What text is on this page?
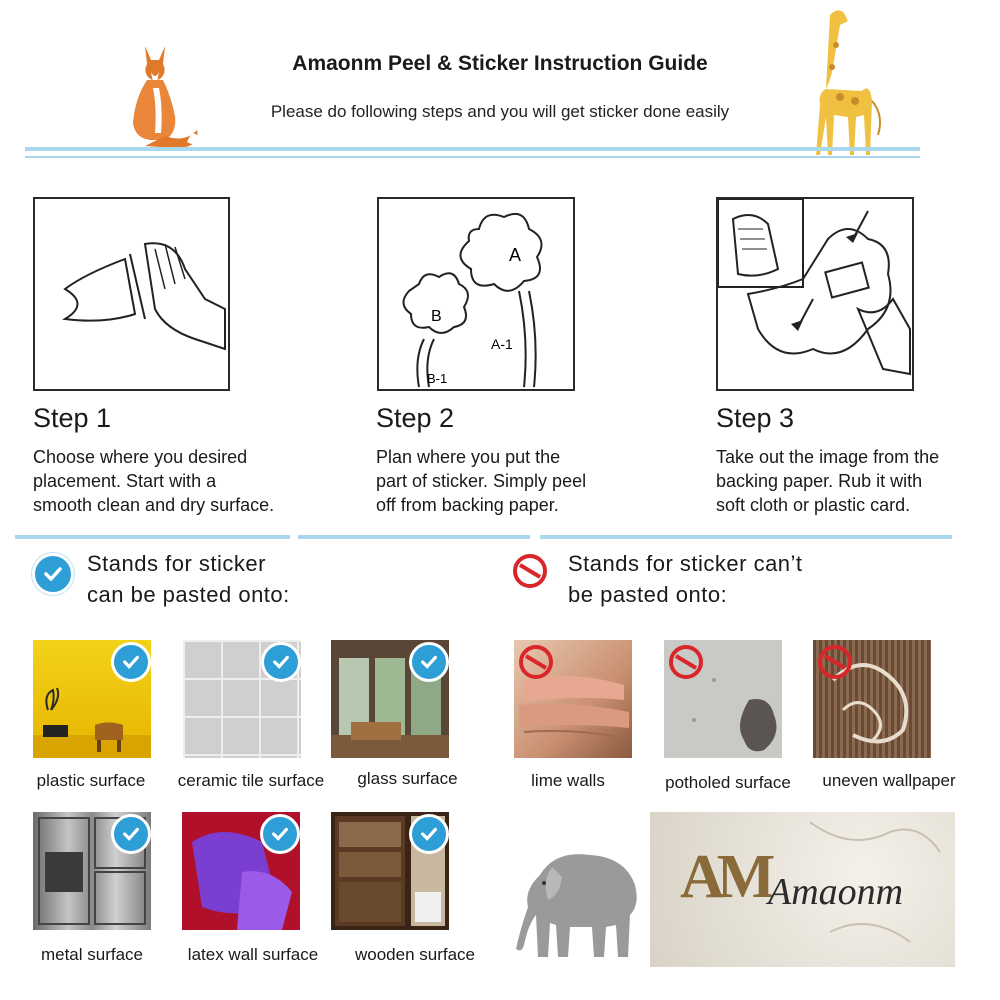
Amaonm Peel & Sticker Instruction Guide
Please do following steps and you will get sticker done easily
A
B
A-1
B-1
Step 1
Choose where you desired
placement. Start with a
smooth clean and dry surface.
Step 2
Plan where you put the
part of sticker. Simply peel
off from backing paper.
Step 3
Take out the image from the
backing paper. Rub it with
soft cloth or plastic card.
Stands for sticker
can be pasted onto:
Stands for sticker can’t
be pasted onto:
plastic surface	ceramic tile surface	glass surface
metal surface	latex wall surface	wooden surface
lime walls	potholed surface	uneven wallpaper
AM Amaonm
